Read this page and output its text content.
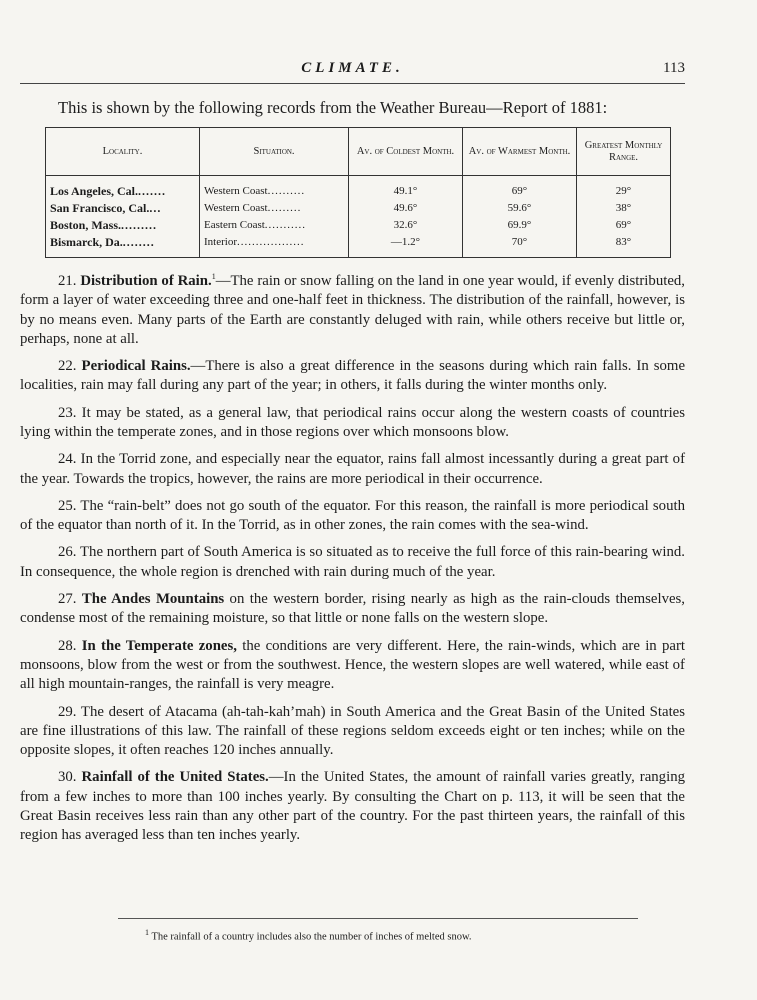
CLIMATE.	113
This is shown by the following records from the Weather Bureau—Report of 1881:
Locality.	Situation.	Av. of Coldest Month.	Av. of Warmest Month.	Greatest Monthly Range.
Los Angeles, Cal........	Western Coast..........	49.1°	69°	29°
San Francisco, Cal....	Western Coast.........	49.6°	59.6°	38°
Boston, Mass..........	Eastern Coast...........	32.6°	69.9°	69°
Bismarck, Da.........	Interior..................	—1.2°	70°	83°

21. Distribution of Rain.$^1$—The rain or snow falling on the land in one year would, if evenly distributed, form a layer of water exceeding three and one-half feet in thickness. The distribution of the rainfall, however, is by no means even. Many parts of the Earth are constantly deluged with rain, while others receive but little or, perhaps, none at all.

22. Periodical Rains.—There is also a great difference in the seasons during which rain falls. In some localities, rain may fall during any part of the year; in others, it falls during the winter months only.

23. It may be stated, as a general law, that periodical rains occur along the western coasts of countries lying within the temperate zones, and in those regions over which monsoons blow.

24. In the Torrid zone, and especially near the equator, rains fall almost incessantly during a great part of the year. Towards the tropics, however, the rains are more periodical in their occurrence.

25. The “rain-belt” does not go south of the equator. For this reason, the rainfall is more periodical south of the equator than north of it. In the Torrid, as in other zones, the rain comes with the sea-wind.

26. The northern part of South America is so situated as to receive the full force of this rain-bearing wind. In consequence, the whole region is drenched with rain during much of the year.

27. The Andes Mountains on the western border, rising nearly as high as the rain-clouds themselves, condense most of the remaining moisture, so that little or none falls on the western slope.

28. In the Temperate zones, the conditions are very different. Here, the rain-winds, which are in part monsoons, blow from the west or from the southwest. Hence, the western slopes are well watered, while east of all high mountain-ranges, the rainfall is very meagre.

29. The desert of Atacama (ah-tah-kah’mah) in South America and the Great Basin of the United States are fine illustrations of this law. The rainfall of these regions seldom exceeds eight or ten inches; while on the opposite slopes, it often reaches 120 inches annually.

30. Rainfall of the United States.—In the United States, the amount of rainfall varies greatly, ranging from a few inches to more than 100 inches yearly. By consulting the Chart on p. 113, it will be seen that the Great Basin receives less rain than any other part of the country. For the past thirteen years, the rainfall of this region has averaged less than ten inches yearly.

$^1$ The rainfall of a country includes also the number of inches of melted snow.
